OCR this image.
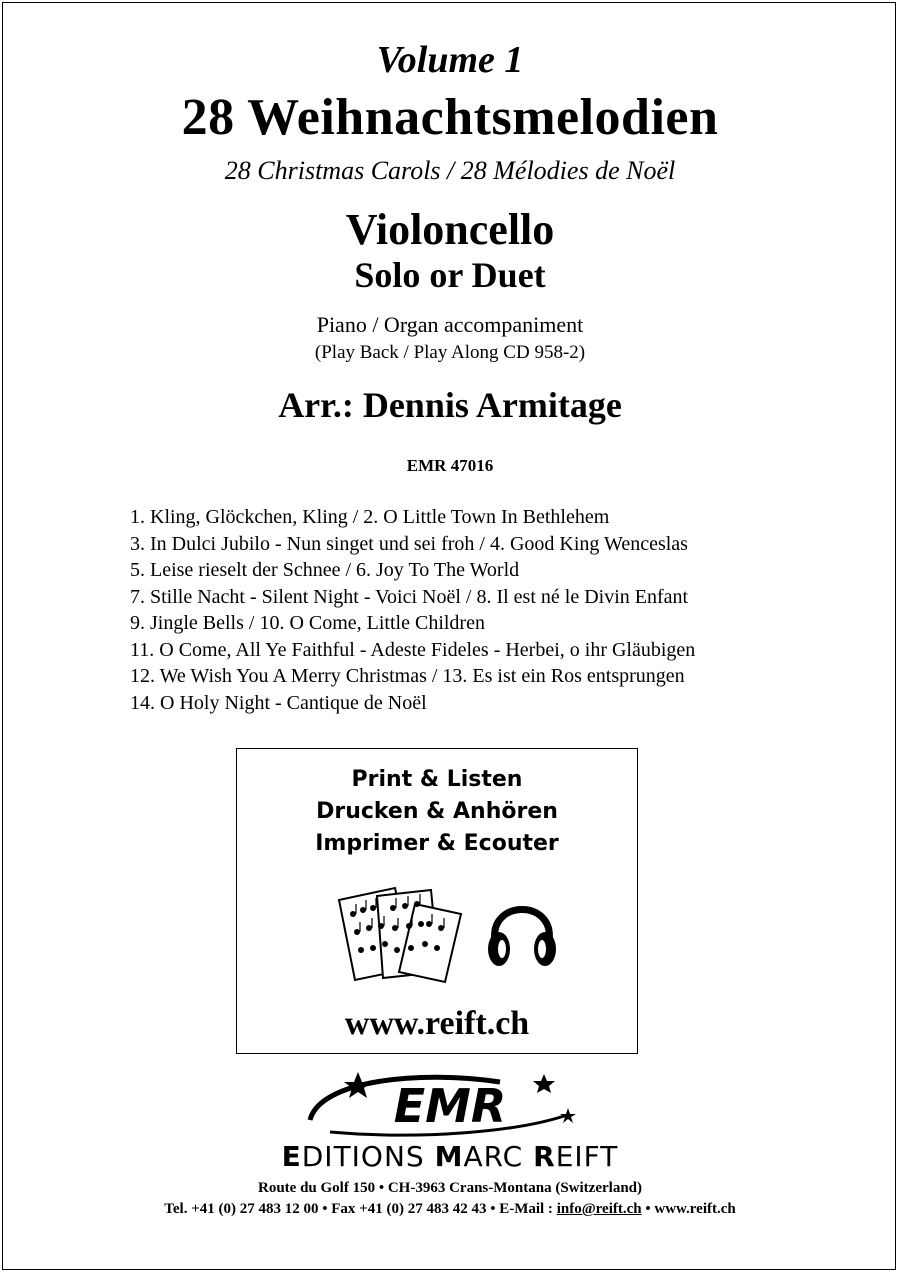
Volume 1
28 Weihnachtsmelodien
28 Christmas Carols / 28 Mélodies de Noël
Violoncello
Solo or Duet
Piano / Organ accompaniment
(Play Back / Play Along CD 958-2)
Arr.: Dennis Armitage
EMR 47016
1. Kling, Glöckchen, Kling / 2. O Little Town In Bethlehem
3. In Dulci Jubilo - Nun singet und sei froh / 4. Good King Wenceslas
5. Leise rieselt der Schnee / 6. Joy To The World
7. Stille Nacht - Silent Night - Voici Noël / 8. Il est né le Divin Enfant
9. Jingle Bells / 10. O Come, Little Children
11. O Come, All Ye Faithful - Adeste Fideles - Herbei, o ihr Gläubigen
12. We Wish You A Merry Christmas / 13. Es ist ein Ros entsprungen
14. O Holy Night - Cantique de Noël
Print & Listen
Drucken & Anhören
Imprimer & Ecouter
www.reift.ch
EMR
EDITIONS MARC REIFT
Route du Golf 150 • CH-3963 Crans-Montana (Switzerland)
Tel. +41 (0) 27 483 12 00 • Fax +41 (0) 27 483 42 43 • E-Mail : info@reift.ch • www.reift.ch
